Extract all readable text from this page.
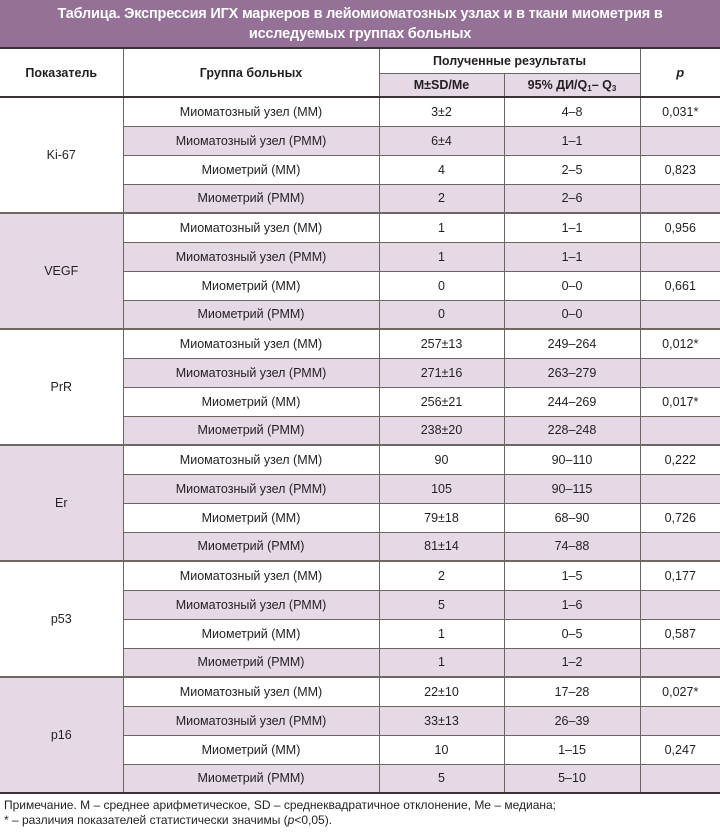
Таблица. Экспрессия ИГХ маркеров в лейомиоматозных узлах и в ткани миометрия в исследуемых группах больных
Показатель	Группа больных	Полученные результаты		p
		M±SD/Me	95% $ДИ/Q_1-$ $Q_3$
Ki-67	Миоматозный узел (ММ)	3±2	4–8	0,031*
	Миоматозный узел (РММ)	6±4	1–1	
	Миометрий (ММ)	4	2–5	0,823
	Миометрий (РММ)	2	2–6	
VEGF	Миоматозный узел (ММ)	1	1–1	0,956
	Миоматозный узел (РММ)	1	1–1	
	Миометрий (ММ)	0	0–0	0,661
	Миометрий (РММ)	0	0–0	
PrR	Миоматозный узел (ММ)	257±13	249–264	0,012*
	Миоматозный узел (РММ)	271±16	263–279	
	Миометрий (ММ)	256±21	244–269	0,017*
	Миометрий (РММ)	238±20	228–248	
Er	Миоматозный узел (ММ)	90	90–110	0,222
	Миоматозный узел (РММ)	105	90–115	
	Миометрий (ММ)	79±18	68–90	0,726
	Миометрий (РММ)	81±14	74–88	
p53	Миоматозный узел (ММ)	2	1–5	0,177
	Миоматозный узел (РММ)	5	1–6	
	Миометрий (ММ)	1	0–5	0,587
	Миометрий (РММ)	1	1–2	
p16	Миоматозный узел (ММ)	22±10	17–28	0,027*
	Миоматозный узел (РММ)	33±13	26–39	
	Миометрий (ММ)	10	1–15	0,247
	Миометрий (РММ)	5	5–10	
Примечание. M – среднее арифметическое, SD – среднеквадратичное отклонение, Me – медиана;
* – различия показателей статистически значимы (p<0,05).
